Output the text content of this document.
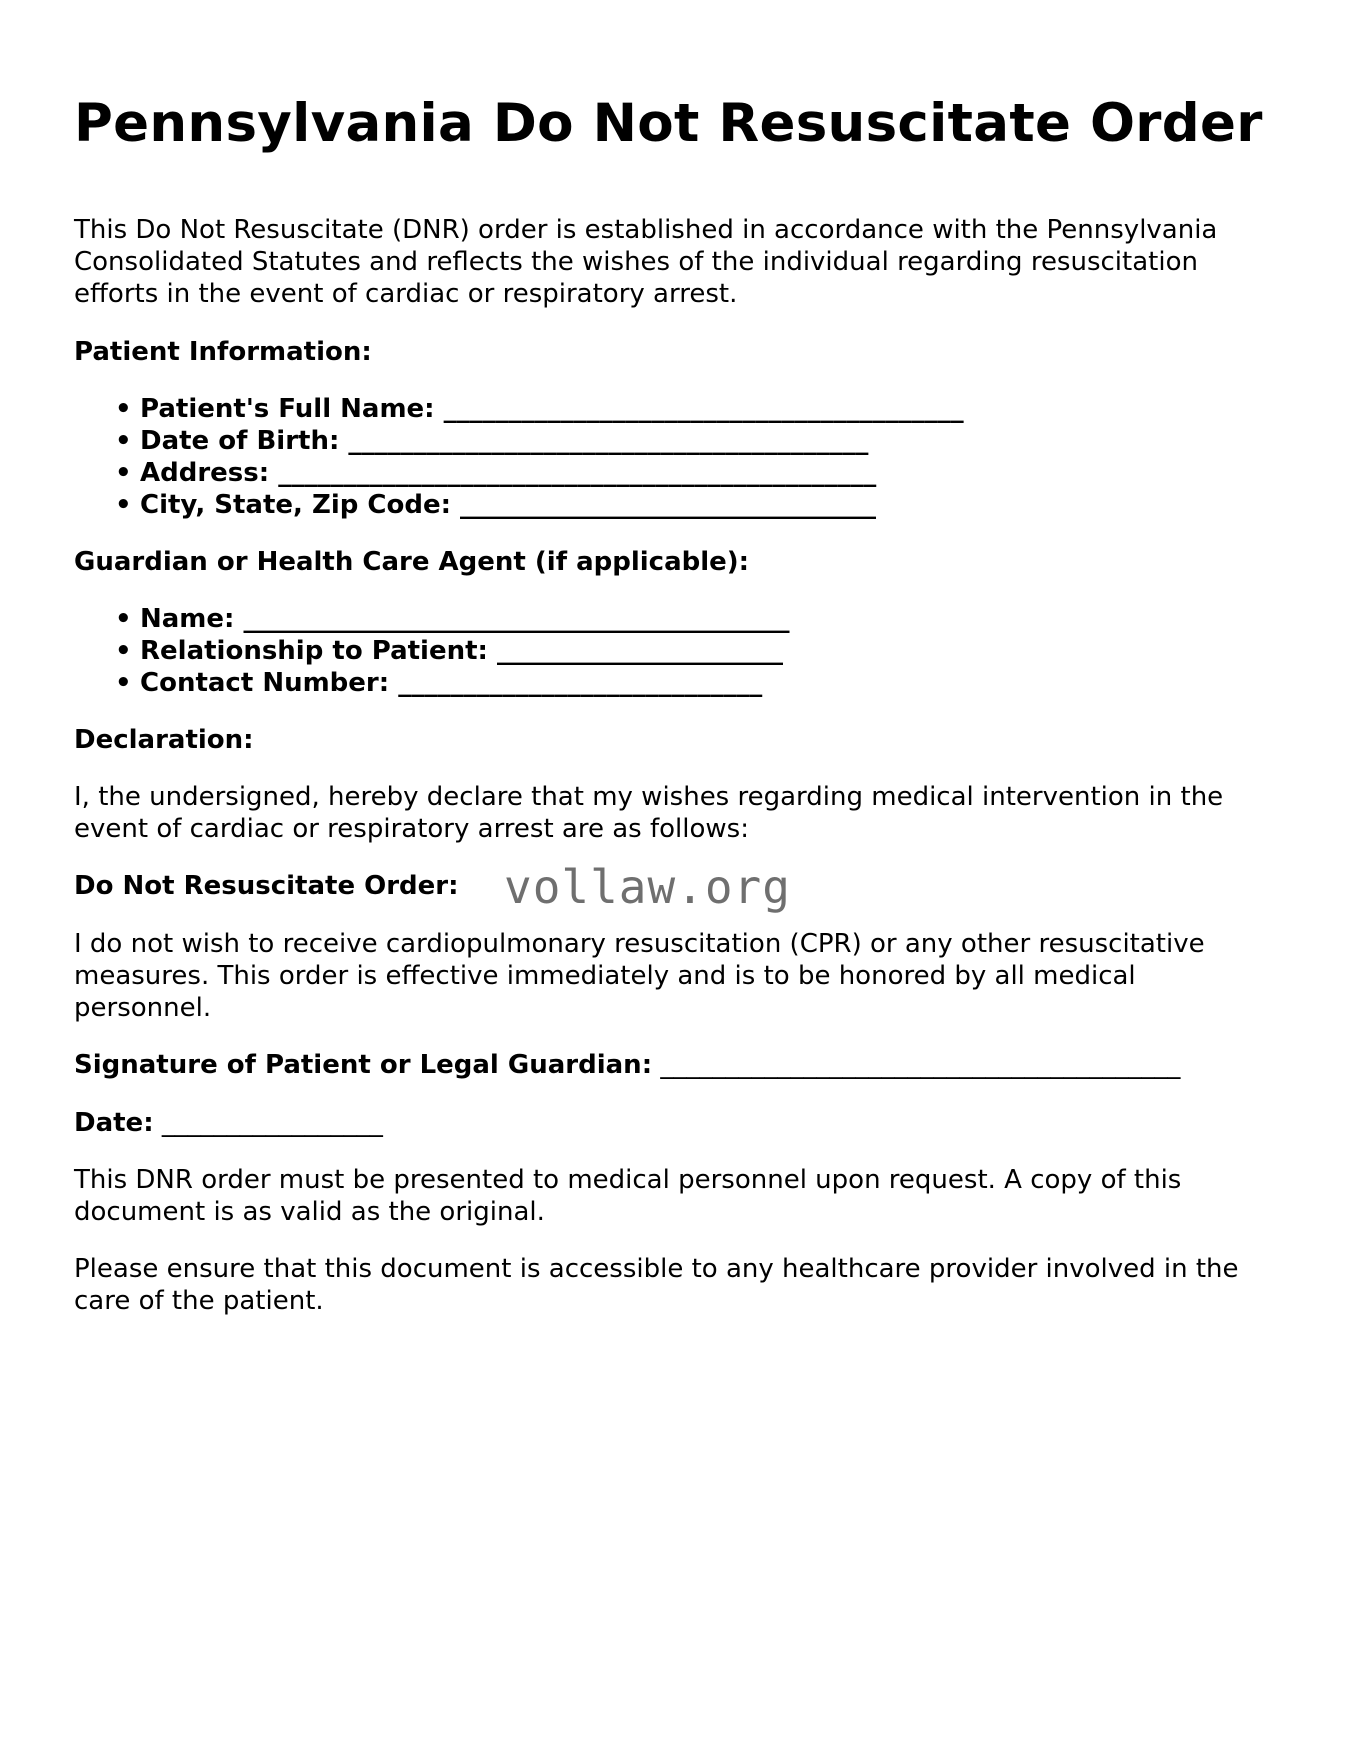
Pennsylvania Do Not Resuscitate Order

This Do Not Resuscitate (DNR) order is established in accordance with the Pennsylvania Consolidated Statutes and reflects the wishes of the individual regarding resuscitation efforts in the event of cardiac or respiratory arrest.

Patient Information:
• Patient's Full Name: ________________________________________
• Date of Birth: ________________________________________
• Address: ______________________________________________
• City, State, Zip Code: ________________________________
Guardian or Health Care Agent (if applicable):
• Name: __________________________________________
• Relationship to Patient: ______________________
• Contact Number: ____________________________
Declaration:

I, the undersigned, hereby declare that my wishes regarding medical intervention in the event of cardiac or respiratory arrest are as follows:

Do Not Resuscitate Order: vollaw.org

I do not wish to receive cardiopulmonary resuscitation (CPR) or any other resuscitative measures. This order is effective immediately and is to be honored by all medical personnel.

Signature of Patient or Legal Guardian: ________________________________________

Date: _________________

This DNR order must be presented to medical personnel upon request. A copy of this document is as valid as the original.

Please ensure that this document is accessible to any healthcare provider involved in the care of the patient.
